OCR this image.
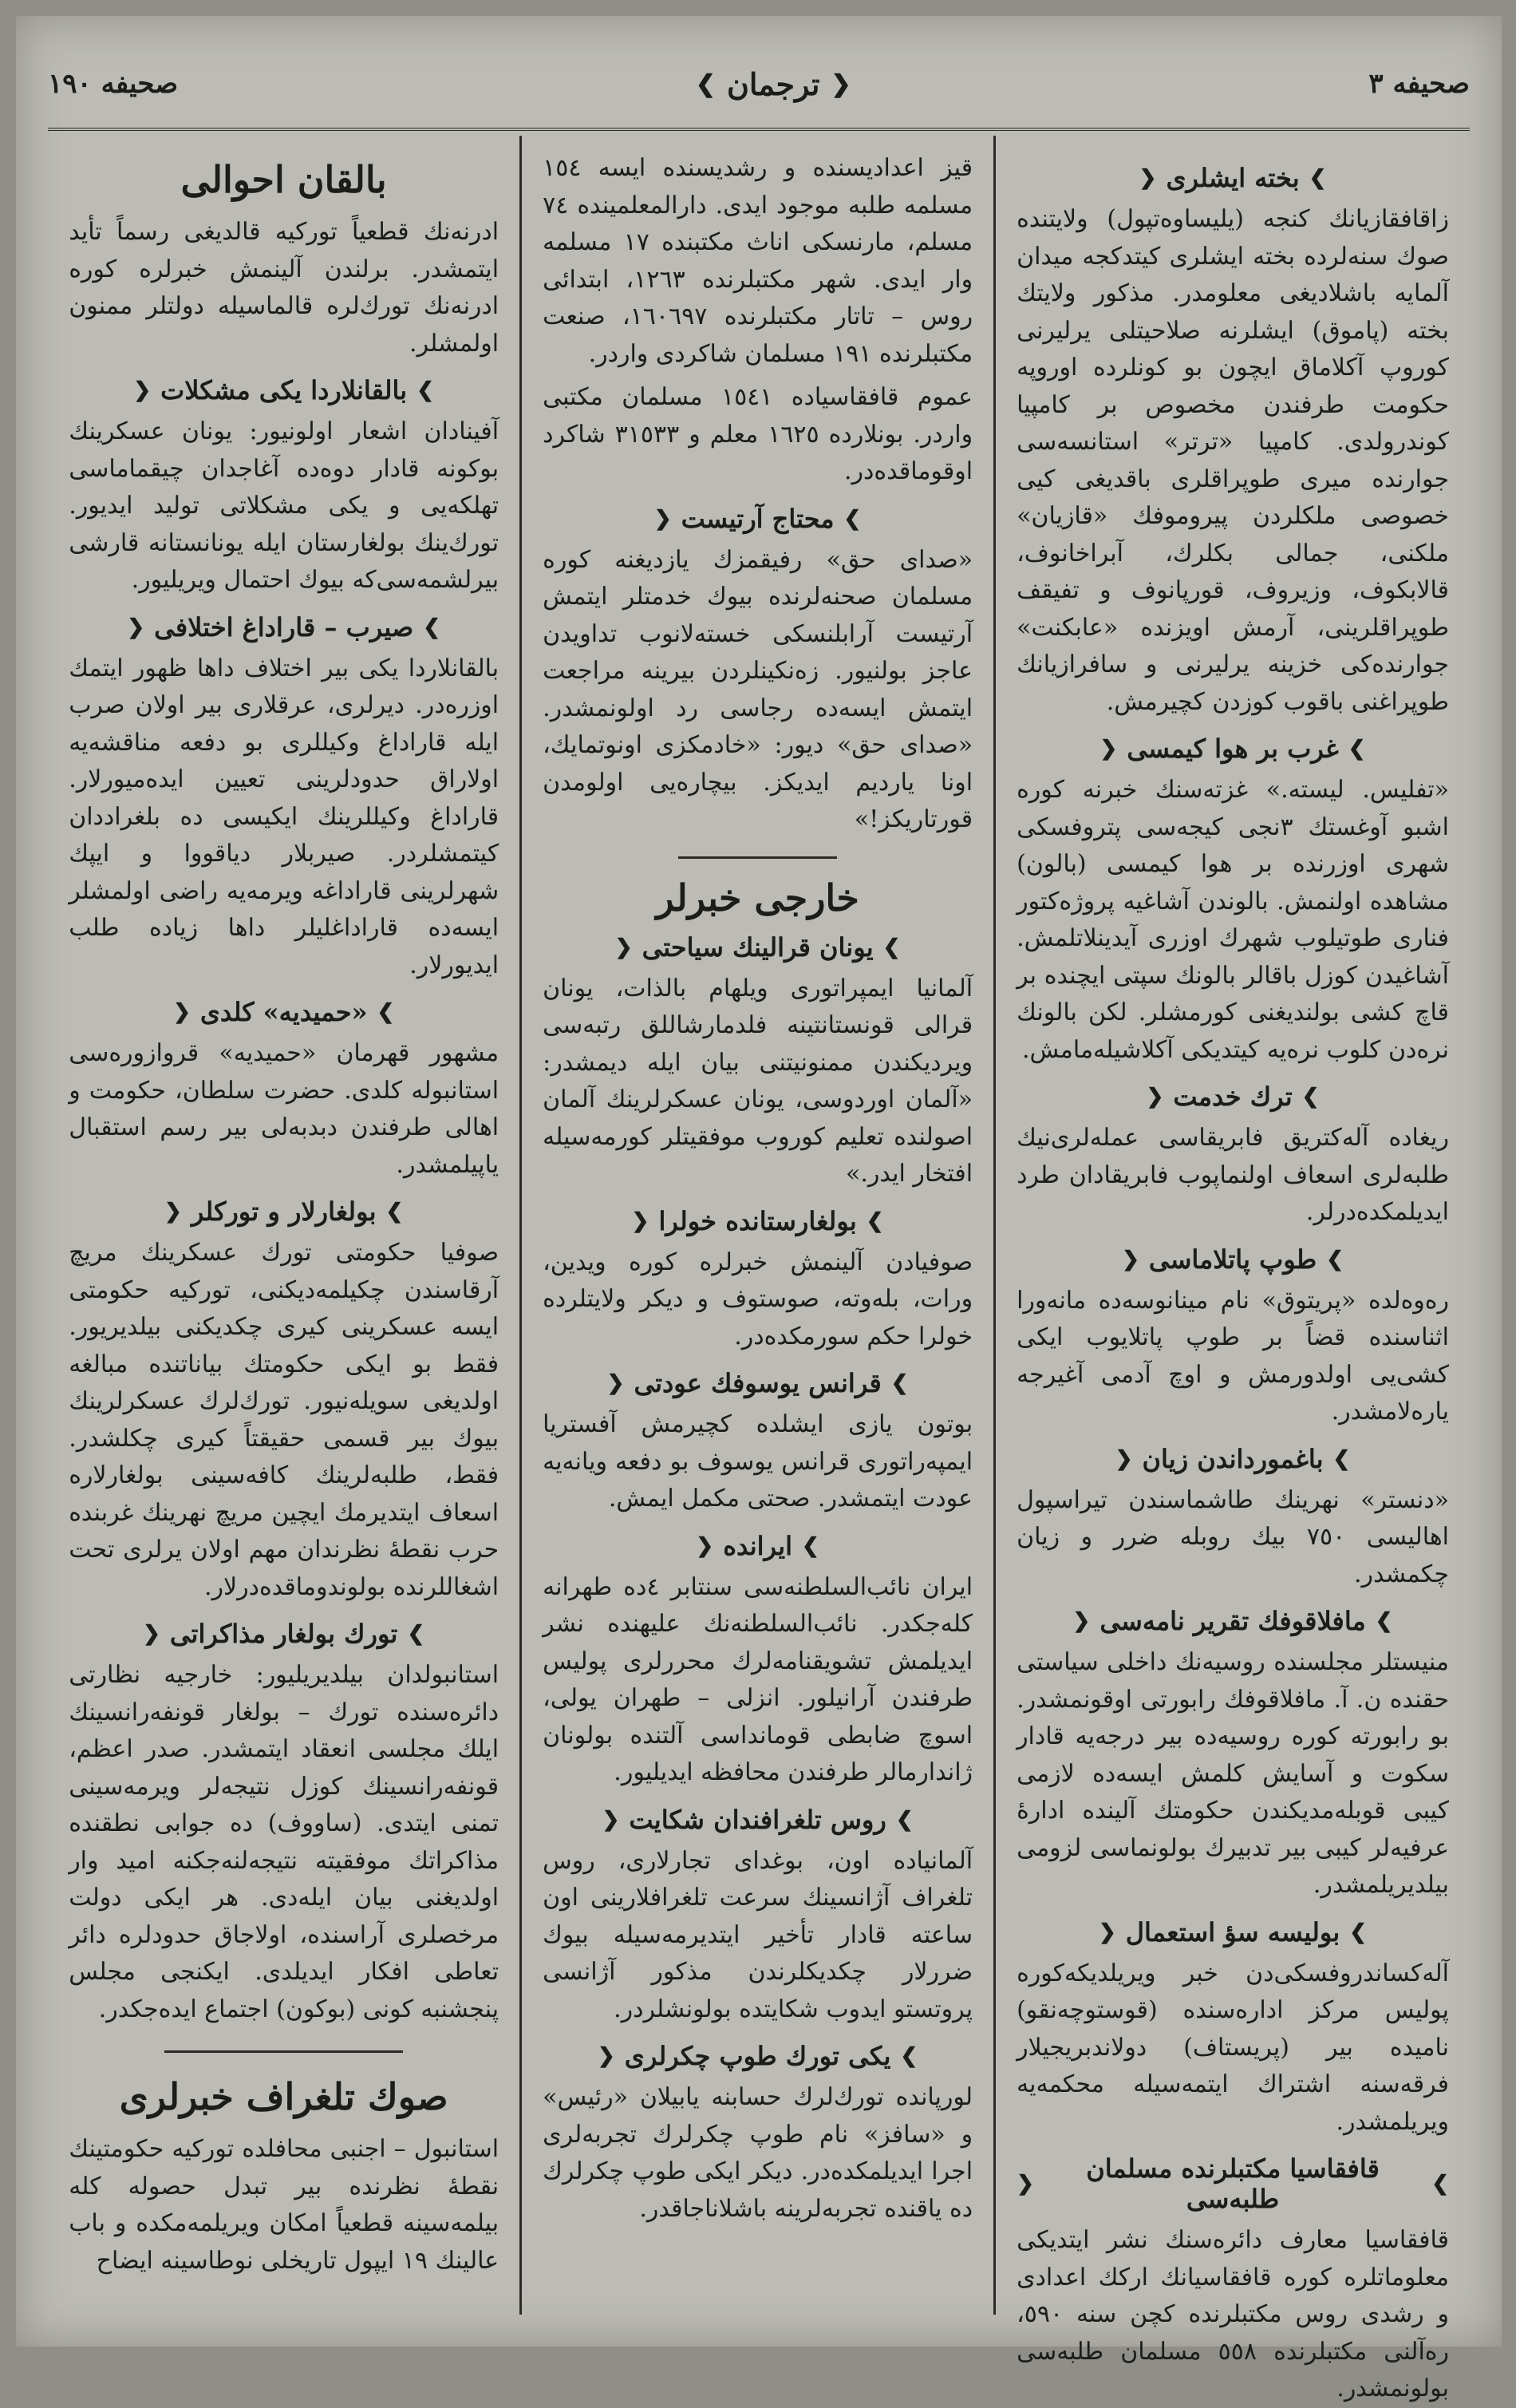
صحيفه ٣
❮
ترجمان
❯
صحيفه ١٩٠
❯
بخته ايشلرى
❮

زاقافقازيانك كنجه (يليساوه‌تپول) ولايتنده صوك سنه‌لرده بخته ايشلرى كيتدكجه ميدان آلمايه باشلاديغى معلومدر. مذكور ولايتك بخته (پاموق) ايشلرنه صلاحيتلى يرليرنى كوروپ آكلاماق ايچون بو كونلرده اوروپه حكومت طرفندن مخصوص بر كامپيا كوندرولدى. كامپيا «ترتر» استانسه‌سى جوارنده ميرى طوپراقلرى باقديغى كيى خصوصى ملكلردن پيروموفك «قازيان» ملكنى، جمالى بكلرك، آبراخانوف، قالابكوف، وزيروف، قورپانوف و تفيقف طوپراقلرينى، آرمش اويزنده «عابكنت» جوارنده‌كى خزينه يرليرنى و سافرازيانك طوپراغنى باقوب كوزدن كچيرمش.

❯
غرب بر هوا كيمسى
❮

«تفليس. ليسته.» غزته‌سنك خبرنه كوره اشبو آوغستك ٣نجى كيجه‌سى پتروفسكى شهرى اوزرنده بر هوا كيمسى (بالون) مشاهده اولنمش. بالوندن آشاغيه پروژه‌كتور فنارى طوتيلوب شهرك اوزرى آيدينلاتلمش. آشاغيدن كوزل باقالر بالونك سپتى ايچنده بر قاچ كشى بولنديغنى كورمشلر. لكن بالونك نره‌دن كلوب نره‌يه كيتديكى آكلاشيله‌مامش.

❯
ترك خدمت
❮

ريغاده آله‌كتريق فابريقاسى عمله‌لرى‌نيك طلبه‌لرى اسعاف اولنماپوب فابريقادان طرد ايديلمكده‌درلر.

❯
طوپ پاتلاماسى
❮

رەوەلده «پريتوق» نام مينانوسه‌ده مانەورا اثناسنده قضاً بر طوپ پاتلايوب ايكى كشى‌يى اولدورمش و اوچ آدمى آغيرجه يارەلامشدر.

❯
باغمورداندن زيان
❮

«دنستر» نهرينك طاشماسندن تيراسپول اهاليسى ٧٥٠ بيك روبله ضرر و زيان چكمشدر.

❯
مافلاقوفك تقرير نامه‌سى
❮

منيستلر مجلسنده روسيه‌نك داخلى سياستى حقنده ن. آ. مافلاقوفك رابورتى اوقونمشدر. بو رابورته كوره روسيه‌ده بير درجه‌يه قادار سكوت و آسايش كلمش ايسه‌ده لازمى كيبى قوبلەمديكندن حكومتك آلينده ادارهٔ عرفيه‌لر كيبى بير تدبيرك بولونماسى لزومى بيلديريلمشدر.

❯
بوليسه سؤ استعمال
❮

آله‌كساندروفسكى‌دن خبر ويريلديكه‌كوره پوليس مركز اداره‌سنده (قوستوچەنقو) ناميده بير (پريستاف) دولاندبريجيلار فرقه‌سنه اشتراك ايتمه‌سيله محكمه‌يه ويريلمشدر.

❯
قافقاسيا مكتبلرنده مسلمان طلبه‌سى
❮

قافقاسيا معارف دائره‌سنك نشر ايتديكى معلوماتلره كوره قافقاسيانك اركك اعدادى و رشدى روس مكتبلرنده كچن سنه ٥٩٠، ره‌آلنى مكتبلرنده ٥٥٨ مسلمان طلبه‌سى بولونمشدر.

قيز اعداديسنده و رشديسنده ايسه ١٥٤ مسلمه طلبه موجود ايدى. دارالمعلمينده ٧٤ مسلم، مارنسكى اناث مكتبنده ١٧ مسلمه وار ايدى. شهر مكتبلرنده ١٢٦٣، ابتدائى روس – تاتار مكتبلرنده ١٦٠٦٩٧، صنعت مكتبلرنده ١٩١ مسلمان شاكردى واردر.

عموم قافقاسياده ١٥٤١ مسلمان مكتبى واردر. بونلارده ١٦٢٥ معلم و ٣١٥٣٣ شاكرد اوقوماقده‌در.

❯
محتاج آرتيست
❮

«صداى حق» رفيقمزك يازديغنه كوره مسلمان صحنه‌لرنده بيوك خدمتلر ايتمش آرتيست آرابلنسكى خسته‌لانوب تداويدن عاجز بولنيور. زەنكينلردن بيرينه مراجعت ايتمش ايسه‌ده رجاسى رد اولونمشدر. «صداى حق» ديور: «خادمكزى اونوتمايك، اونا يارديم ايديكز. بيچاره‌يى اولومدن قورتاريكز!»

خارجى خبرلر
❯
يونان قرالينك سياحتى
❮

آلمانيا ايمپراتورى ويلهام بالذات، يونان قرالى قونستانتينه فلدمارشاللق رتبه‌سى ويرديكندن ممنونيتنى بيان ايله ديمشدر: «آلمان اوردوسى، يونان عسكرلرينك آلمان اصولنده تعليم كوروب موفقيتلر كورمه‌سيله افتخار ايدر.»

❯
بولغارستانده خولرا
❮

صوفيادن آلينمش خبرلره كوره ويدين، ورات، بلەوته، صوستوف و ديكر ولايتلرده خولرا حكم سورمكده‌در.

❯
قرانس يوسوفك عودتى
❮

بوتون يازى ايشلده كچيرمش آفستريا ايمپه‌راتورى قرانس يوسوف بو دفعه ويانه‌يه عودت ايتمشدر. صحتى مكمل ايمش.

❯
ايرانده
❮

ايران نائب‌السلطنه‌سى سنتابر ٤ده طهرانه كله‌جكدر. نائب‌السلطنه‌نك عليهنده نشر ايديلمش تشويقنامه‌لرك محررلرى پوليس طرفندن آرانيلور. انزلى – طهران يولى، اسوچ ضابطى قومانداسى آلتنده بولونان ژاندارمالر طرفندن محافظه ايديليور.

❯
روس تلغرافندان شكايت
❮

آلمانياده اون، بوغداى تجارلارى، روس تلغراف آژانسينك سرعت تلغرافلارينى اون ساعته قادار تأخير ايتديرمه‌سيله بيوك ضررلار چكديكلرندن مذكور آژانسى پروتستو ايدوب شكايتده بولونشلردر.

❯
يكى تورك طوپ چكرلرى
❮

لورپانده تورك‌لرك حسابنه يابيلان «رئيس» و «سافز» نام طوپ چكرلرك تجربه‌لرى اجرا ايديلمكده‌در. ديكر ايكى طوپ چكرلرك ده ياقنده تجربه‌لرينه باشلاناجاقدر.

بالقان احوالى

ادرنه‌نك قطعياً توركيه قالديغى رسماً تأيد ايتمشدر. برلندن آلينمش خبرلره كوره ادرنه‌نك تورك‌لره قالماسيله دولتلر ممنون اولمشلر.

❯
بالقانلاردا يكى مشكلات
❮

آفينادان اشعار اولونيور: يونان عسكرينك بوكونه قادار دوه‌ده آغاجدان چيقماماسى تهلكه‌يى و يكى مشكلاتى توليد ايديور. تورك‌ينك بولغارستان ايله يونانستانه قارشى بيرلشمه‌سى‌كه بيوك احتمال ويريليور.

❯
صيرب – قاراداغ اختلافى
❮

بالقانلاردا يكى بير اختلاف داها ظهور ايتمك اوزره‌در. ديرلرى، عرقلارى بير اولان صرب ايله قاراداغ وكيللرى بو دفعه مناقشه‌يه اولاراق حدودلرينى تعيين ايده‌ميورلار. قاراداغ وكيللرينك ايكيسى ده بلغراددان كيتمشلردر. صيربلار دياقووا و ايپك شهرلرينى قاراداغه ويرمه‌يه راضى اولمشلر ايسه‌ده قاراداغليلر داها زياده طلب ايديورلار.

❯
«حميديه» كلدى
❮

مشهور قهرمان «حميديه» قروازوره‌سى استانبوله كلدى. حضرت سلطان، حكومت و اهالى طرفندن دبدبه‌لى بير رسم استقبال ياپيلمشدر.

❯
بولغارلار و توركلر
❮

صوفيا حكومتى تورك عسكرينك مريچ آرقاسندن چكيلمه‌ديكنى، توركيه حكومتى ايسه عسكرينى كيرى چكديكنى بيلديريور. فقط بو ايكى حكومتك بياناتنده مبالغه اولديغى سويله‌نيور. تورك‌لرك عسكرلرينك بيوك بير قسمى حقيقتاً كيرى چكلشدر. فقط، طلبه‌لرينك كافه‌سينى بولغارلاره اسعاف ايتديرمك ايچين مريچ نهرينك غربنده حرب نقطهٔ نظرندان مهم اولان يرلرى تحت اشغاللرنده بولوندوماقده‌درلار.

❯
تورك بولغار مذاكراتى
❮

استانبولدان بيلديريليور: خارجيه نظارتى دائره‌سنده تورك – بولغار قونفه‌رانسينك ايلك مجلسى انعقاد ايتمشدر. صدر اعظم، قونفه‌رانسينك كوزل نتيجه‌لر ويرمه‌سينى تمنى ايتدى. (ساووف) ده جوابى نطقنده مذاكراتك موفقيته نتيجه‌لنه‌جكنه اميد وار اولديغنى بيان ايله‌دى. هر ايكى دولت مرخصلرى آراسنده، اولاجاق حدودلره دائر تعاطى افكار ايديلدى. ايكنجى مجلس پنجشنبه كونى (بوكون) اجتماع ايده‌جكدر.

صوك تلغراف خبرلرى

استانبول – اجنبى محافلده توركيه حكومتينك نقطهٔ نظرنده بير تبدل حصوله كله بيلمه‌سينه قطعياً امكان ويريلمه‌مكده و باب عالينك ١٩ ايپول تاريخلى نوطاسينه ايضاح
